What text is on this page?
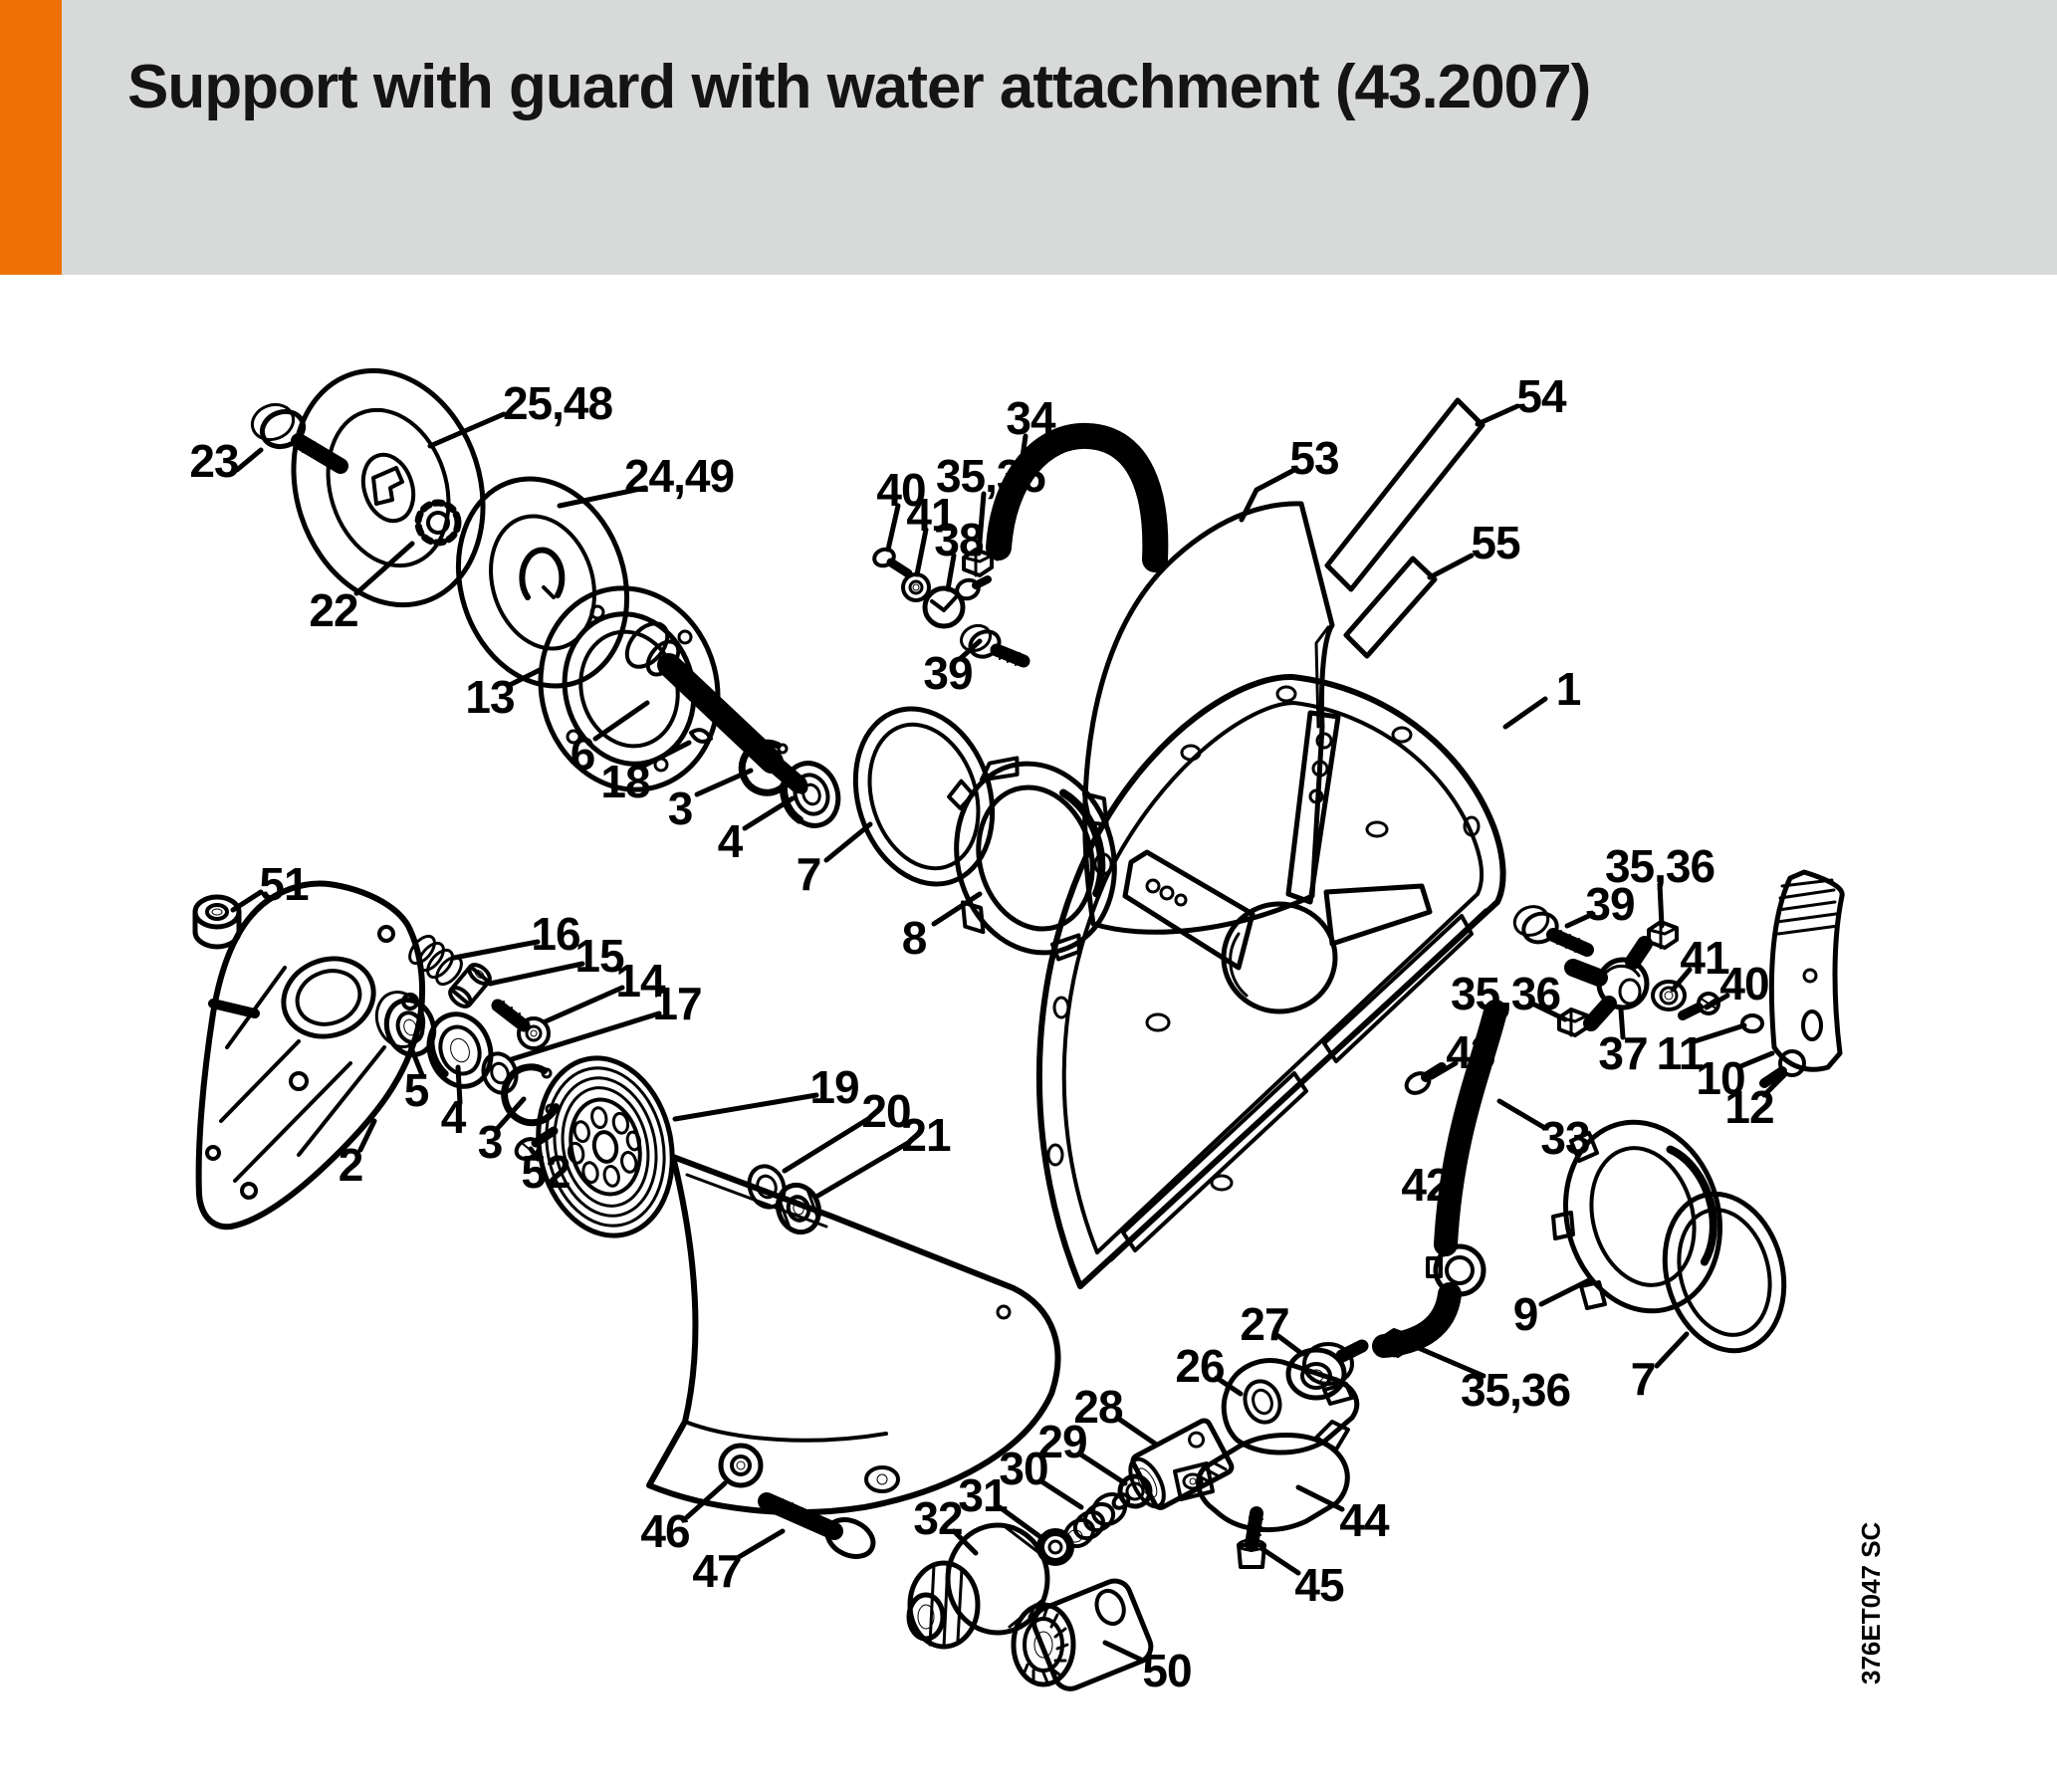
Support with guard with water attachment (43.2007)
23
25,48
24,49
22
13
6
18
3
4
7
8
51
16
15
14
17
5
4 3
2	52
19 20
21
40
41
38
35,36
34
39
53
54
55
1
35,36
39
41
40
35,36
37 11
10
12
43
33
42
9
27
26	7
35,36
28
29
30
31
32	44
45
46
47
50	376ET047 SC
